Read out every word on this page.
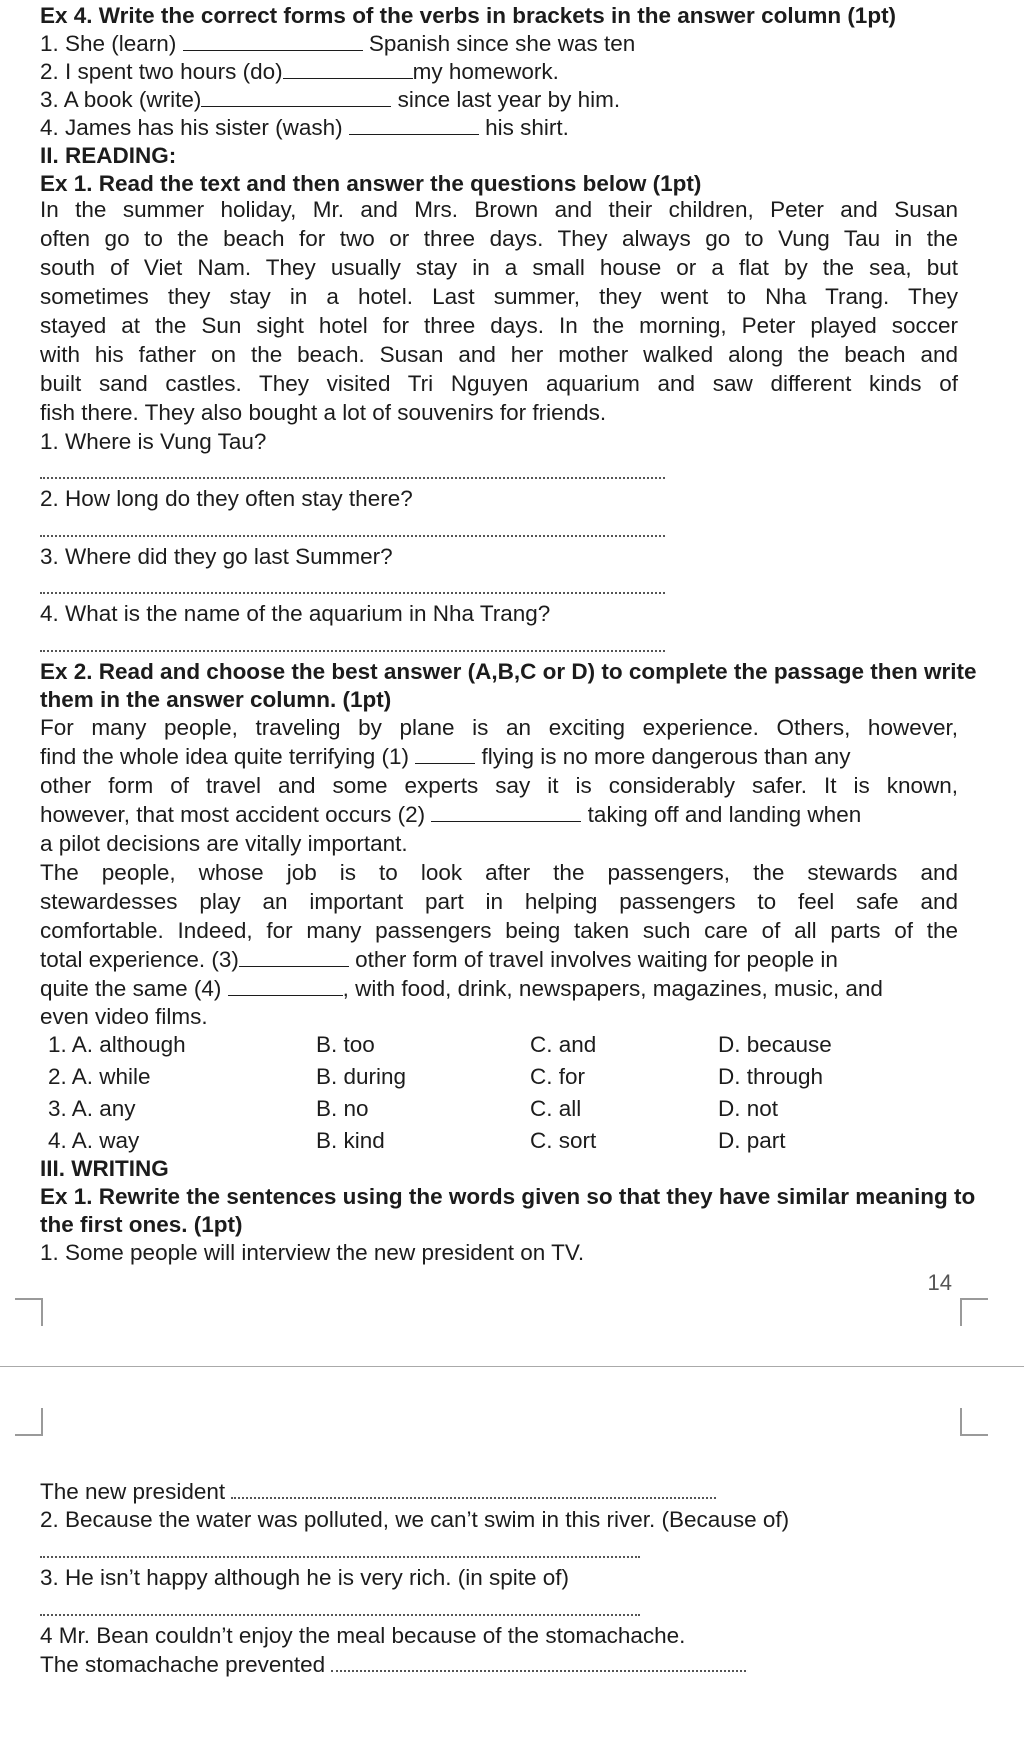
Ex 4. Write the correct forms of the verbs in brackets in the answer column (1pt)
1. She (learn)	Spanish since she was ten
2. I spent two hours (do)	my homework.
3. A book (write)	since last year by him.
4. James has his sister (wash)	his shirt.
II. READING:
Ex 1. Read the text and then answer the questions below (1pt)
In the summer holiday, Mr. and Mrs. Brown and their children, Peter and Susan
often go to the beach for two or three days. They always go to Vung Tau in the
south of Viet Nam. They usually stay in a small house or a flat by the sea, but
sometimes they stay in a hotel. Last summer, they went to Nha Trang. They
stayed at the Sun sight hotel for three days. In the morning, Peter played soccer
with his father on the beach. Susan and her mother walked along the beach and
built sand castles. They visited Tri Nguyen aquarium and saw different kinds of
fish there. They also bought a lot of souvenirs for friends.
1. Where is Vung Tau?
2. How long do they often stay there?
3. Where did they go last Summer?
4. What is the name of the aquarium in Nha Trang?
Ex 2. Read and choose the best answer (A,B,C or D) to complete the passage then write
them in the answer column. (1pt)
For many people, traveling by plane is an exciting experience. Others, however,
find the whole idea quite terrifying (1)	flying is no more dangerous than any
other form of travel and some experts say it is considerably safer. It is known,
however, that most accident occurs (2)	taking off and landing when
a pilot decisions are vitally important.
The people, whose job is to look after the passengers, the stewards and
stewardesses play an important part in helping passengers to feel safe and
comfortable. Indeed, for many passengers being taken such care of all parts of the
total experience. (3)	other form of travel involves waiting for people in
quite the same (4)	, with food, drink, newspapers, magazines, music, and
even video films.
1. A. although	B. too	C. and	D. because
2. A. while	B. during	C. for	D. through
3. A. any	B. no	C. all	D. not
4. A. way	B. kind	C. sort	D. part
III. WRITING
Ex 1. Rewrite the sentences using the words given so that they have similar meaning to
the first ones. (1pt)
1. Some people will interview the new president on TV.
The new president
2. Because the water was polluted, we can’t swim in this river. (Because of)
3. He isn’t happy although he is very rich. (in spite of)
4 Mr. Bean couldn’t enjoy the meal because of the stomachache.
The stomachache prevented
14
